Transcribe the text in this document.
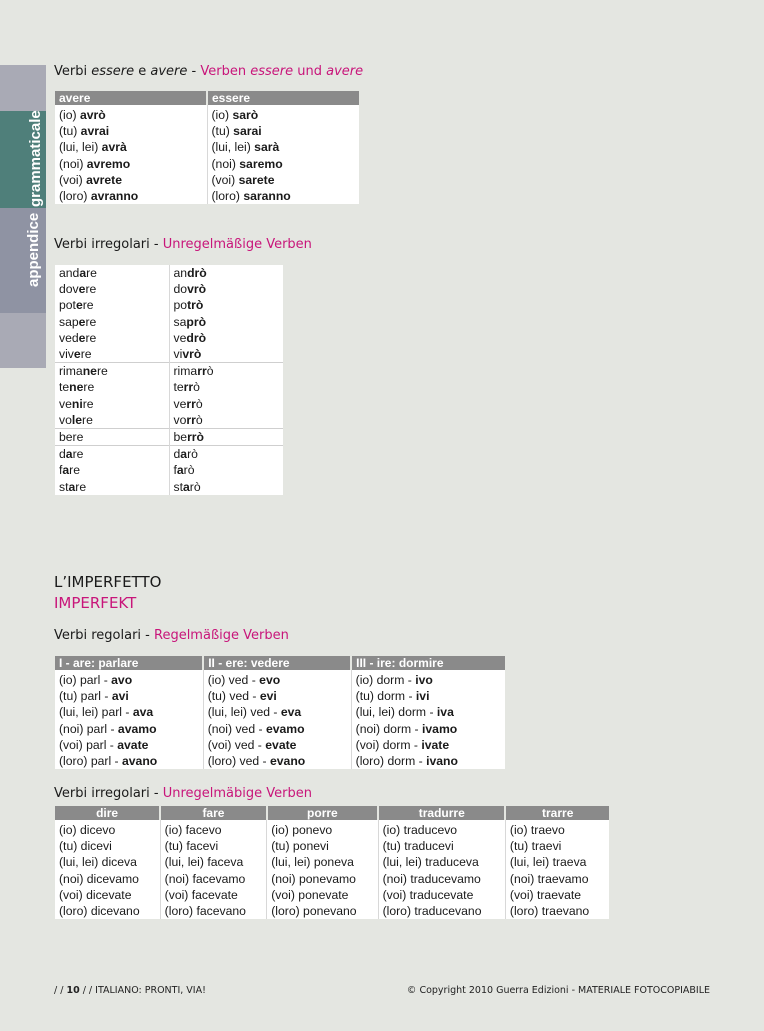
appendice
grammaticale
Verbi essere e avere - Verben essere und avere
avere	essere
(io) avrò	(io) sarò
(tu) avrai	(tu) sarai
(lui, lei) avrà	(lui, lei) sarà
(noi) avremo	(noi) saremo
(voi) avrete	(voi) sarete
(loro) avranno	(loro) saranno
Verbi irregolari - Unregelmäßige Verben
andare	andrò
dovere	dovrò
potere	potrò
sapere	saprò
vedere	vedrò
vivere	vivrò
rimanere	rimarrò
tenere	terrò
venire	verrò
volere	vorrò
bere	berrò
dare	darò
fare	farò
stare	starò
L’IMPERFETTO
IMPERFEKT
Verbi regolari - Regelmäßige Verben
I - are: parlare	II - ere: vedere	III - ire: dormire
(io) parl - avo	(io) ved - evo	(io) dorm - ivo
(tu) parl - avi	(tu) ved - evi	(tu) dorm - ivi
(lui, lei) parl - ava	(lui, lei) ved - eva	(lui, lei) dorm - iva
(noi) parl - avamo	(noi) ved - evamo	(noi) dorm - ivamo
(voi) parl - avate	(voi) ved - evate	(voi) dorm - ivate
(loro) parl - avano	(loro) ved - evano	(loro) dorm - ivano
Verbi irregolari - Unregelmäbige Verben
dire	fare	porre	tradurre	trarre
(io) dicevo	(io) facevo	(io) ponevo	(io) traducevo	(io) traevo
(tu) dicevi	(tu) facevi	(tu) ponevi	(tu) traducevi	(tu) traevi
(lui, lei) diceva	(lui, lei) faceva	(lui, lei) poneva	(lui, lei) traduceva	(lui, lei) traeva
(noi) dicevamo	(noi) facevamo	(noi) ponevamo	(noi) traducevamo	(noi) traevamo
(voi) dicevate	(voi) facevate	(voi) ponevate	(voi) traducevate	(voi) traevate
(loro) dicevano	(loro) facevano	(loro) ponevano	(loro) traducevano	(loro) traevano
/ / 10 / / ITALIANO: PRONTI, VIA!	© Copyright 2010 Guerra Edizioni - MATERIALE FOTOCOPIABILE
